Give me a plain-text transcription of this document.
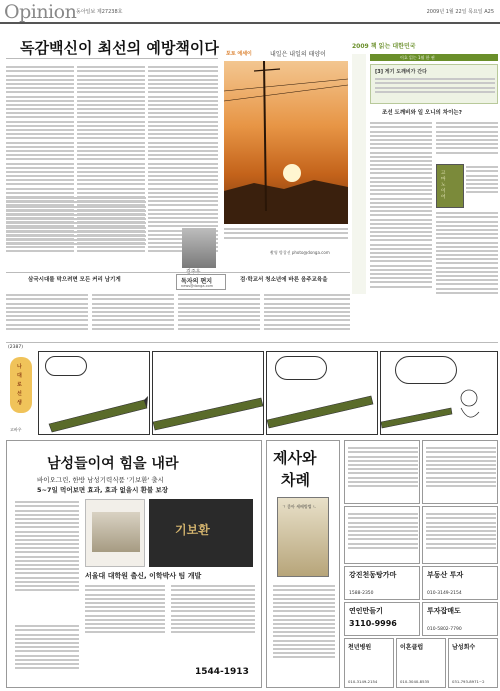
Opinion 동아일보 제27238호	2009년 1월 22일 목요일 A25
독감백신이 최선의 예방책이다 포토 에세이	내일은 내일의 태양이
촬영 방창선 photo@donga.com
2009 책 읽는 대한민국
이호 읽는 1월 한 권
[3] 게기 도깨비가 간다
조선 도깨비와 일 오니의 차이는?
고 마 노 이 어
삼국시대를 막으려면 모든 커리 남기게	독자의 편지
news@donga.com
검·학교서 청소년에 바른 음주교육을
(2387)
나대로 선생
고바우
남성들이여 힘을 내라
바이오그린, 한방 남성기력식품 '기보환' 출시
5~7일 먹어보면 효과, 효과 없을시 환불 보장
기보환
서울대 대학원 출신, 이학박사 팀 개발
1544-1913
제사와
차례
ㄱ 좋아 세배방법 ㄴ
강진천동탕가마
1588-2350
부동산 투자
010-3149-2154
연인만들기
3110-9996
투자잡매도
010-5802-7790
천년병원
010-3149-2154
이혼클럽
010-3040-8535
남성회수
031-793-8971~2
